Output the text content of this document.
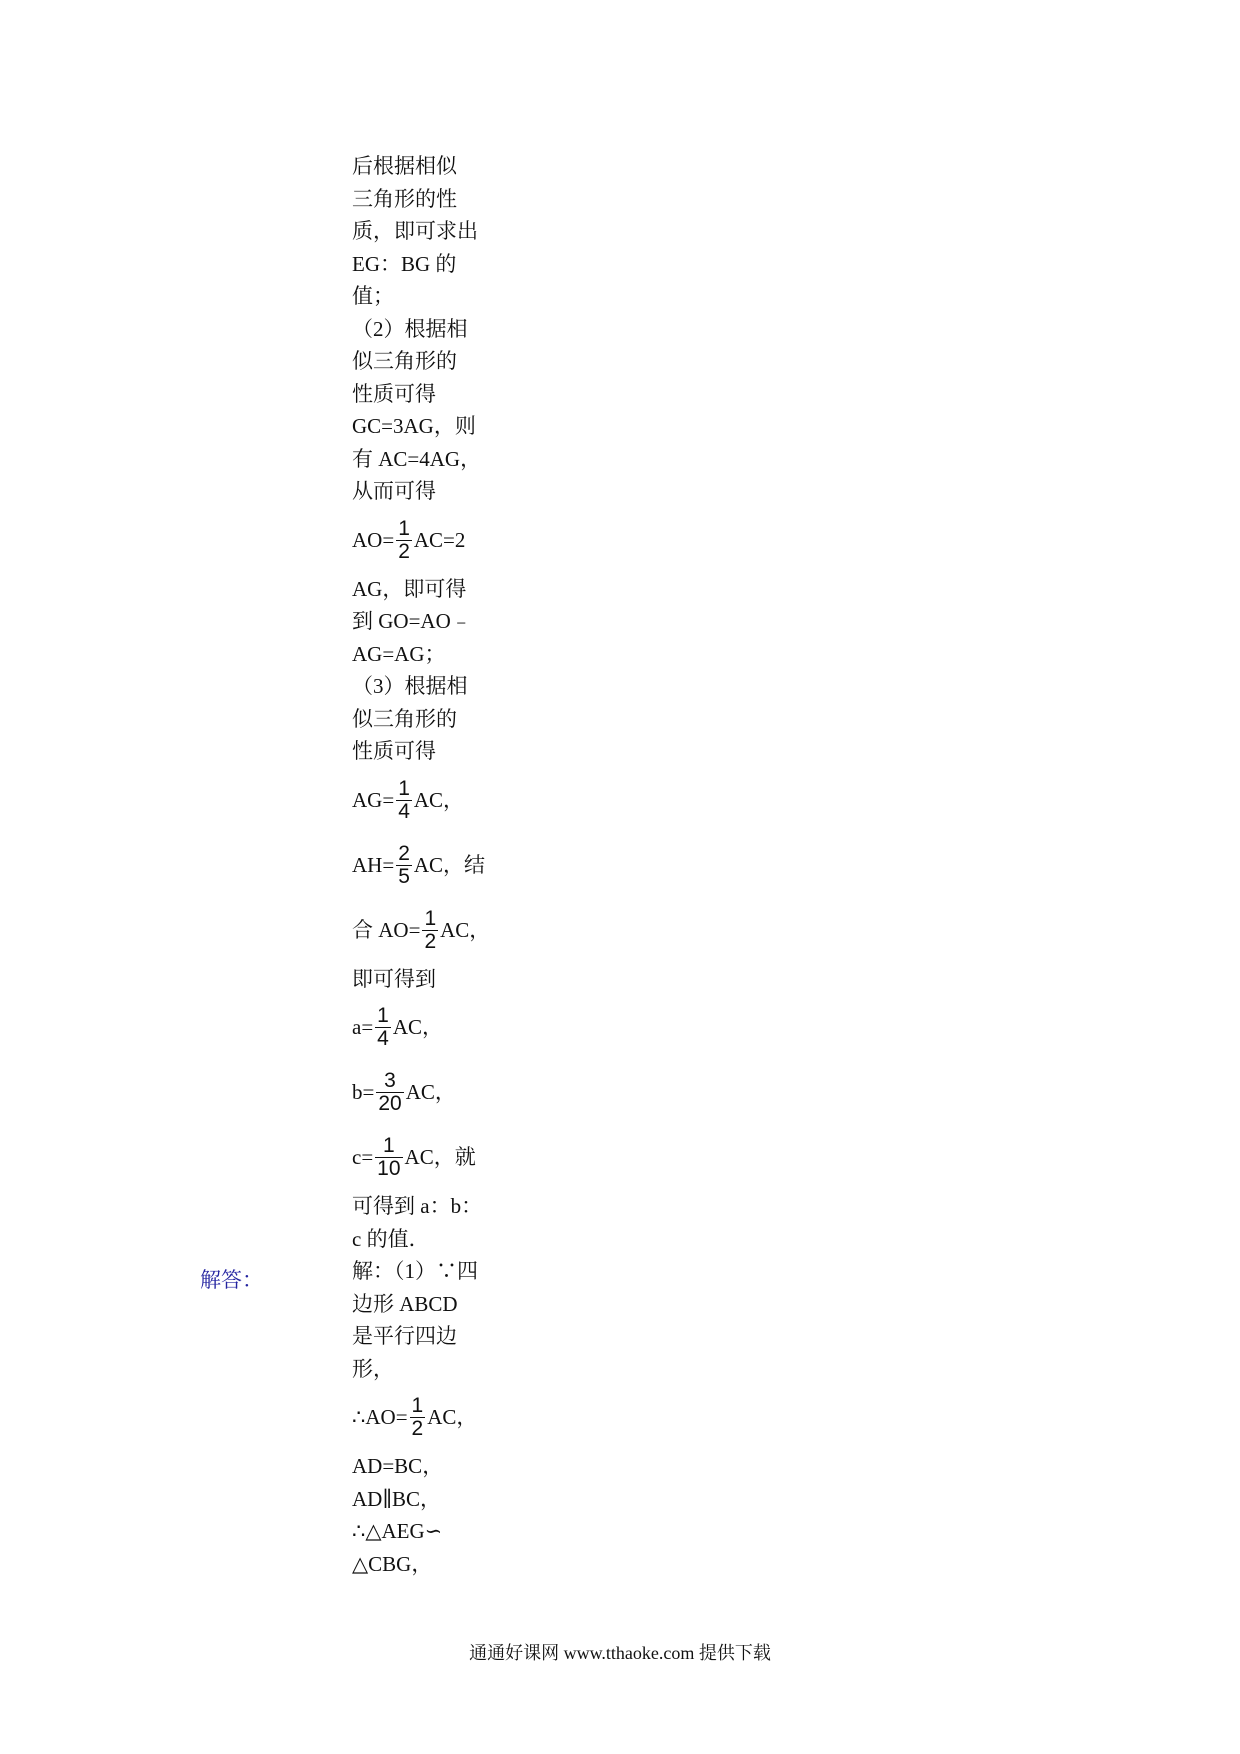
后根据相似
三角形的性
质，即可求出
EG：BG 的
值；
（2）根据相
似三角形的
性质可得
GC=3AG，则
有 AC=4AG，
从而可得
AO= 1
2 AC=2
AG，即可得
到 GO=AO﹣
AG=AG；
（3）根据相
似三角形的
性质可得
AG= 1
4 AC，
AH= 2
5 AC，结
合 AO= 1
2 AC，
即可得到
a= 1
4 AC，
b= 3
20 AC，
c= 1
10 AC，就
可得到 a：b：
c 的值．
解：（1）∵四
边形 ABCD
是平行四边
形，
∴AO= 1
2 AC，
AD=BC，
AD∥BC，
∴△AEG∽
△CBG，
解答：
通通好课网 www.tthaoke.com 提供下载
